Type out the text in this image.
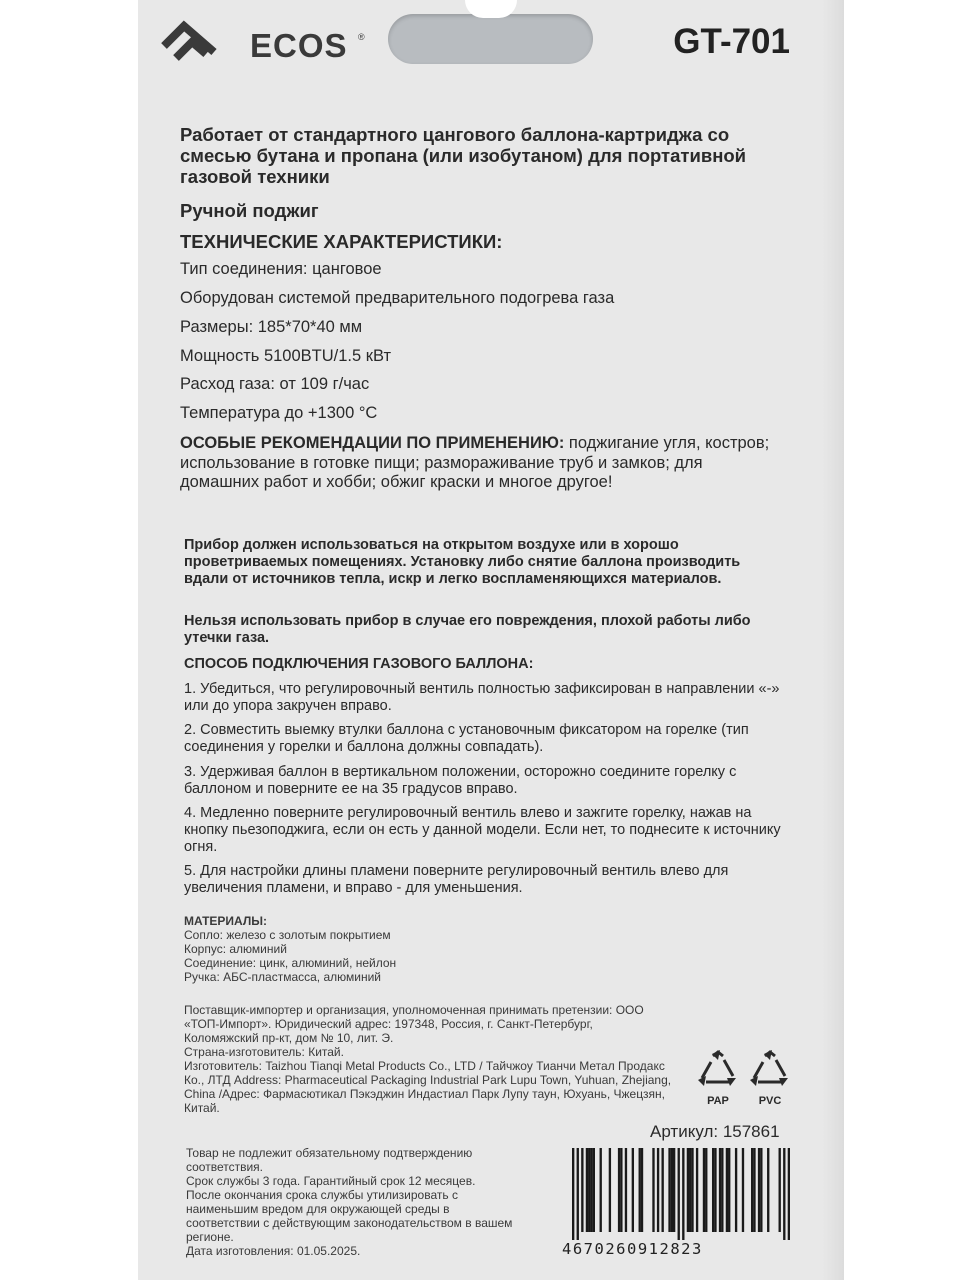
ECOS ®	GT-701
Работает от стандартного цангового баллона-картриджа со смесью бутана и пропана (или изобутаном) для портативной газовой техники
Ручной поджиг
ТЕХНИЧЕСКИЕ ХАРАКТЕРИСТИКИ:
Тип соединения: цанговое
Оборудован системой предварительного подогрева газа
Размеры: 185*70*40 мм
Мощность 5100BTU/1.5 кВт
Расход газа: от 109 г/час
Температура до +1300 °С
ОСОБЫЕ РЕКОМЕНДАЦИИ ПО ПРИМЕНЕНИЮ: поджигание угля, костров; использование в готовке пищи; размораживание труб и замков; для домашних работ и хобби; обжиг краски и многое другое!
Прибор должен использоваться на открытом воздухе или в хорошо проветриваемых помещениях. Установку либо снятие баллона производить вдали от источников тепла, искр и легко воспламеняющихся материалов.
Нельзя использовать прибор в случае его повреждения, плохой работы либо утечки газа.
СПОСОБ ПОДКЛЮЧЕНИЯ ГАЗОВОГО БАЛЛОНА:
1. Убедиться, что регулировочный вентиль полностью зафиксирован в направлении «-» или до упора закручен вправо.
2. Совместить выемку втулки баллона с установочным фиксатором на горелке (тип соединения у горелки и баллона должны совпадать).
3. Удерживая баллон в вертикальном положении, осторожно соедините горелку с баллоном и поверните ее на 35 градусов вправо.
4. Медленно поверните регулировочный вентиль влево и зажгите горелку, нажав на кнопку пьезоподжига, если он есть у данной модели. Если нет, то поднесите к источнику огня.
5. Для настройки длины пламени поверните регулировочный вентиль влево для увеличения пламени, и вправо - для уменьшения.
МАТЕРИАЛЫ:
Сопло: железо с золотым покрытием
Корпус: алюминий
Соединение: цинк, алюминий, нейлон
Ручка: АБС-пластмасса, алюминий
Поставщик-импортер и организация, уполномоченная принимать претензии: ООО «ТОП-Импорт». Юридический адрес: 197348, Россия, г. Санкт-Петербург, Коломяжский пр-кт, дом № 10, лит. Э.
Страна-изготовитель: Китай.
Изготовитель: Taizhou Tianqi Metal Products Co., LTD / Тайчжоу Тианчи Метал Продакс Ко., ЛТД Address: Pharmaceutical Packaging Industrial Park Lupu Town, Yuhuan, Zhejiang, China /Адрес: Фармасютикал Пэкэджин Индастиал Парк Лупу таун, Юхуань, Чжецзян, Китай.	PAP	PVC
Артикул: 157861
Товар не подлежит обязательному подтверждению соответствия.
Срок службы 3 года. Гарантийный срок 12 месяцев.
После окончания срока службы утилизировать с наименьшим вредом для окружающей среды в соответствии с действующим законодательством в вашем регионе.
Дата изготовления: 01.05.2025.	4670260912823
